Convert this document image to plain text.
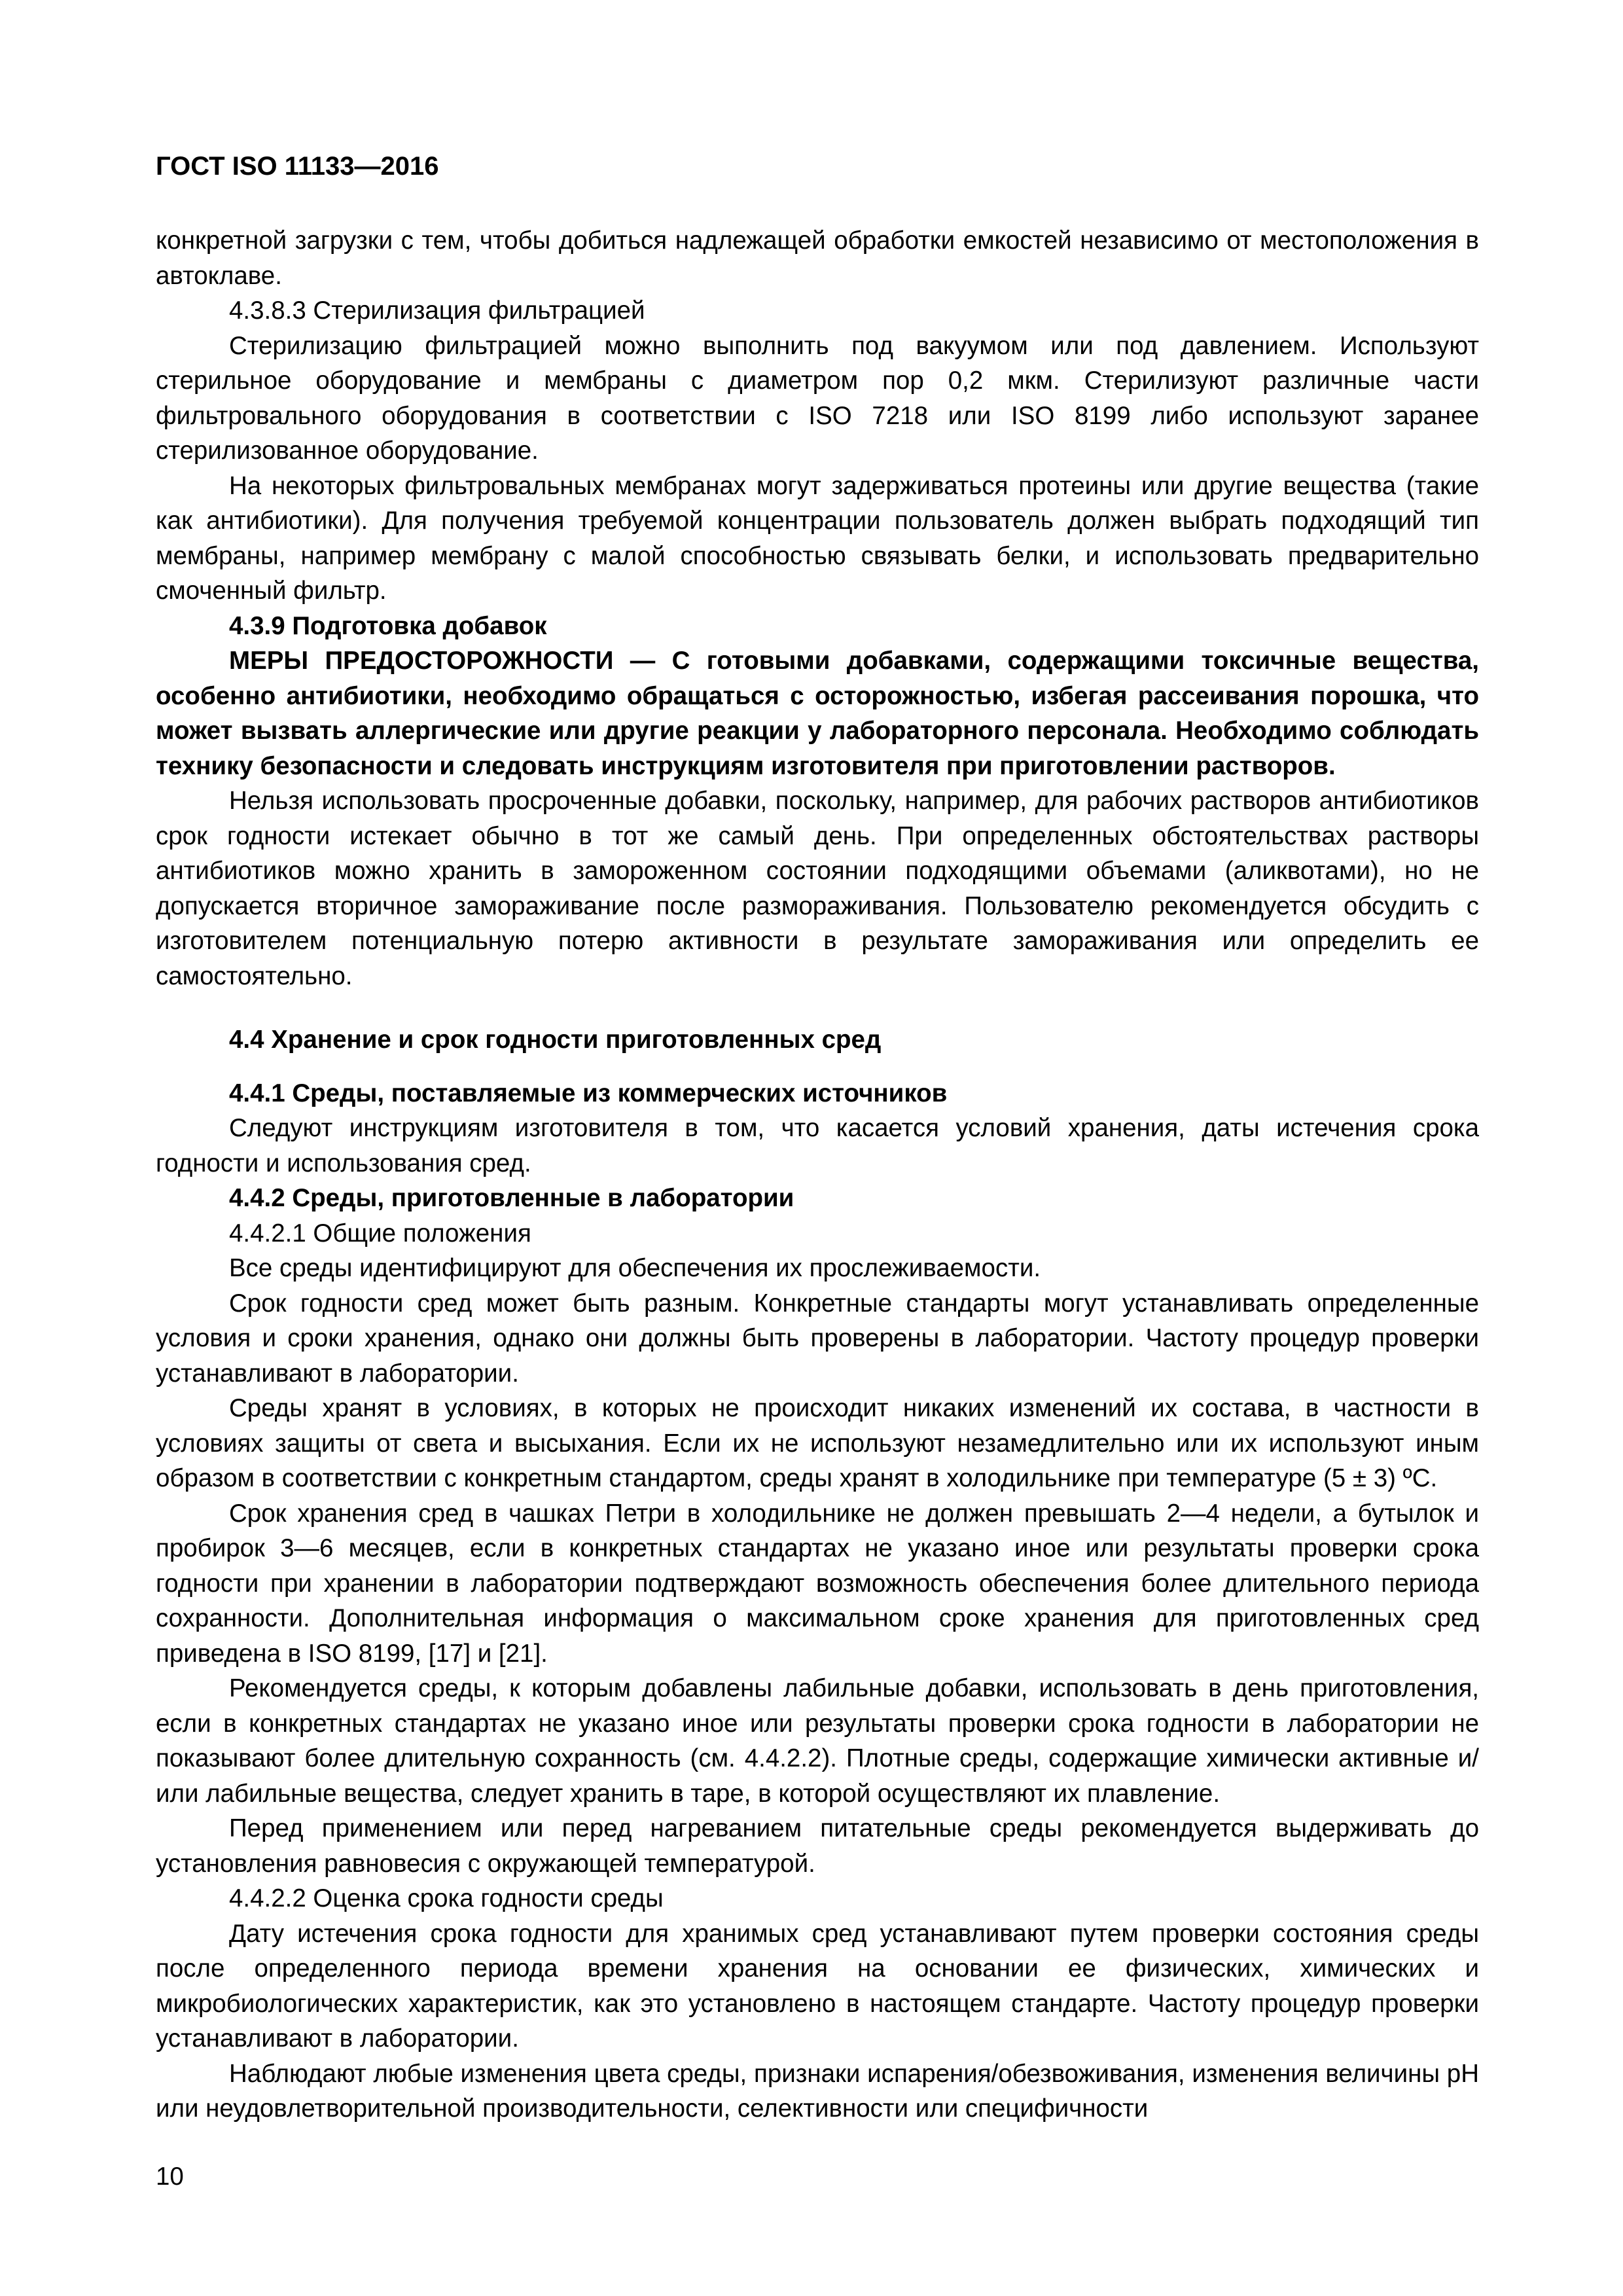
ГОСТ ISO 11133—2016

конкретной загрузки с тем, чтобы добиться надлежащей обработки емкостей независимо от местоположения в автоклаве.

4.3.8.3 Стерилизация фильтрацией

Стерилизацию фильтрацией можно выполнить под вакуумом или под давлением. Используют стерильное оборудование и мембраны с диаметром пор 0,2 мкм. Стерилизуют различные части фильтровального оборудования в соответствии с ISO 7218 или ISO 8199 либо используют заранее стерилизованное оборудование.

На некоторых фильтровальных мембранах могут задерживаться протеины или другие вещества (такие как антибиотики). Для получения требуемой концентрации пользователь должен выбрать подходящий тип мембраны, например мембрану с малой способностью связывать белки, и использовать предварительно смоченный фильтр.

4.3.9 Подготовка добавок

МЕРЫ ПРЕДОСТОРОЖНОСТИ — С готовыми добавками, содержащими токсичные вещества, особенно антибиотики, необходимо обращаться с осторожностью, избегая рассеивания порошка, что может вызвать аллергические или другие реакции у лабораторного персонала. Необходимо соблюдать технику безопасности и следовать инструкциям изготовителя при приготовлении растворов.

Нельзя использовать просроченные добавки, поскольку, например, для рабочих растворов антибиотиков срок годности истекает обычно в тот же самый день. При определенных обстоятельствах растворы антибиотиков можно хранить в замороженном состоянии подходящими объемами (аликвотами), но не допускается вторичное замораживание после размораживания. Пользователю рекомендуется обсудить с изготовителем потенциальную потерю активности в результате замораживания или определить ее самостоятельно.

4.4 Хранение и срок годности приготовленных сред

4.4.1 Среды, поставляемые из коммерческих источников

Следуют инструкциям изготовителя в том, что касается условий хранения, даты истечения срока годности и использования сред.

4.4.2 Среды, приготовленные в лаборатории

4.4.2.1 Общие положения

Все среды идентифицируют для обеспечения их прослеживаемости.

Срок годности сред может быть разным. Конкретные стандарты могут устанавливать определенные условия и сроки хранения, однако они должны быть проверены в лаборатории. Частоту процедур проверки устанавливают в лаборатории.

Среды хранят в условиях, в которых не происходит никаких изменений их состава, в частности в условиях защиты от света и высыхания. Если их не используют незамедлительно или их используют иным образом в соответствии с конкретным стандартом, среды хранят в холодильнике при температуре (5 ± 3) ºС.

Срок хранения сред в чашках Петри в холодильнике не должен превышать 2—4 недели, а бутылок и пробирок 3—6 месяцев, если в конкретных стандартах не указано иное или результаты проверки срока годности при хранении в лаборатории подтверждают возможность обеспечения более длительного периода сохранности. Дополнительная информация о максимальном сроке хранения для приготовленных сред приведена в ISO 8199, [17] и [21].

Рекомендуется среды, к которым добавлены лабильные добавки, использовать в день приготовления, если в конкретных стандартах не указано иное или результаты проверки срока годности в лаборатории не показывают более длительную сохранность (см. 4.4.2.2). Плотные среды, содержащие химически активные и/или лабильные вещества, следует хранить в таре, в которой осуществляют их плавление.

Перед применением или перед нагреванием питательные среды рекомендуется выдерживать до установления равновесия с окружающей температурой.

4.4.2.2 Оценка срока годности среды

Дату истечения срока годности для хранимых сред устанавливают путем проверки состояния среды после определенного периода времени хранения на основании ее физических, химических и микробиологических характеристик, как это установлено в настоящем стандарте. Частоту процедур проверки устанавливают в лаборатории.

Наблюдают любые изменения цвета среды, признаки испарения/обезвоживания, изменения величины рН или неудовлетворительной производительности, селективности или специфичности

10
